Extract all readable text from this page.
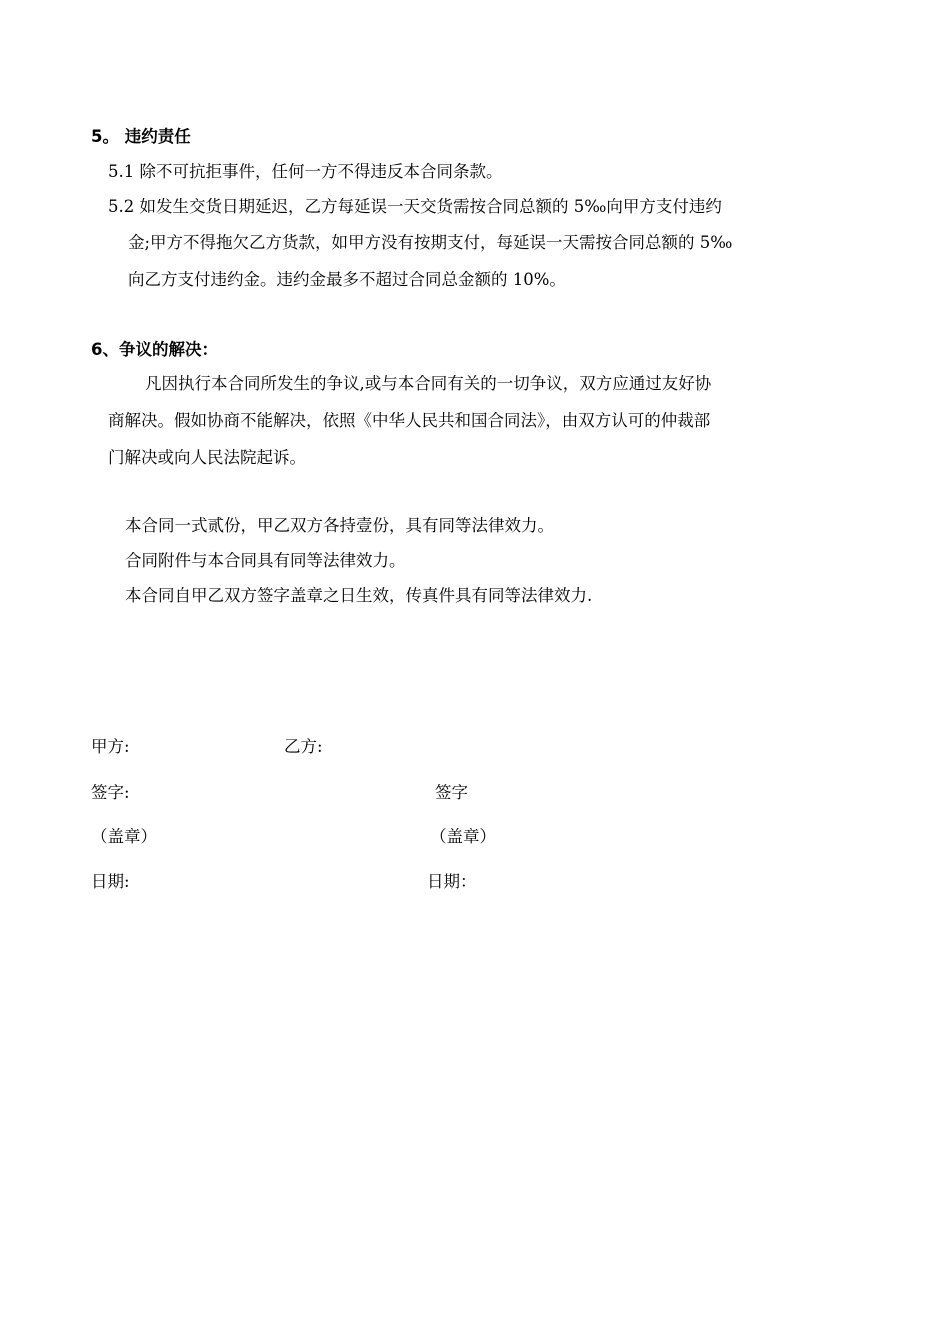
5。 违约责任
5.1 除不可抗拒事件，任何一方不得违反本合同条款。
5.2 如发生交货日期延迟，乙方每延误一天交货需按合同总额的 5‰向甲方支付违约
金;甲方不得拖欠乙方货款，如甲方没有按期支付，每延误一天需按合同总额的 5‰
向乙方支付违约金。违约金最多不超过合同总金额的 10%。
6、争议的解决：
凡因执行本合同所发生的争议,或与本合同有关的一切争议，双方应通过友好协
商解决。假如协商不能解决，依照《中华人民共和国合同法》，由双方认可的仲裁部
门解决或向人民法院起诉。
本合同一式贰份，甲乙双方各持壹份，具有同等法律效力。
合同附件与本合同具有同等法律效力。
本合同自甲乙双方签字盖章之日生效，传真件具有同等法律效力.
甲方:	乙方:
签字:	签字
（盖章）	（盖章）
日期:	日期：
